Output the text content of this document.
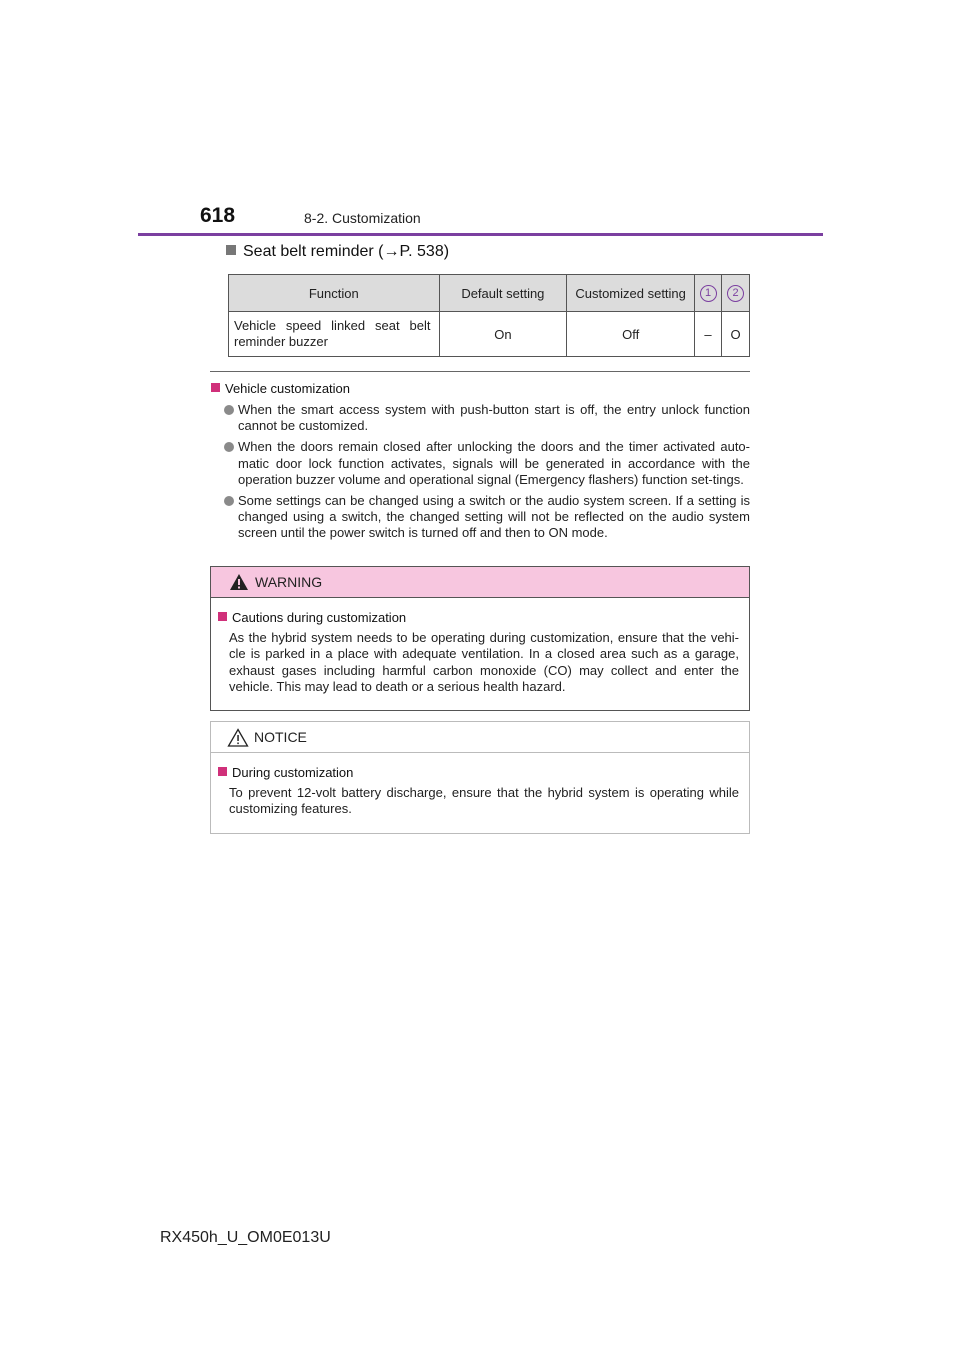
618	8-2. Customization
Seat belt reminder (→P. 538)
Function	Default setting	Customized setting	1	2
Vehicle speed linked seat belt reminder buzzer	On	Off	–	O
Vehicle customization
When the smart access system with push-button start is off, the entry unlock function cannot be customized.
When the doors remain closed after unlocking the doors and the timer activated auto-matic door lock function activates, signals will be generated in accordance with the operation buzzer volume and operational signal (Emergency flashers) function set-tings.
Some settings can be changed using a switch or the audio system screen. If a setting is changed using a switch, the changed setting will not be reflected on the audio system screen until the power switch is turned off and then to ON mode.
WARNING
Cautions during customization
As the hybrid system needs to be operating during customization, ensure that the vehi-cle is parked in a place with adequate ventilation. In a closed area such as a garage, exhaust gases including harmful carbon monoxide (CO) may collect and enter the vehicle. This may lead to death or a serious health hazard.
NOTICE
During customization
To prevent 12-volt battery discharge, ensure that the hybrid system is operating while customizing features.
RX450h_U_OM0E013U
